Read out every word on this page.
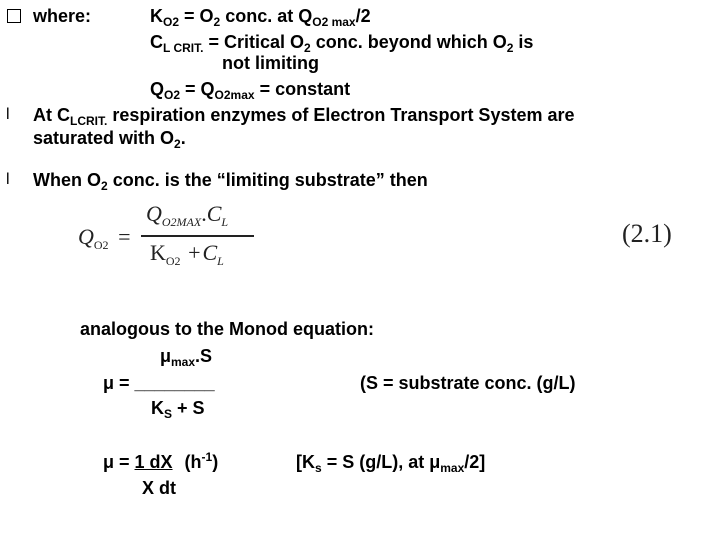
where:	$K_{O2} = O_2$ conc. at $Q_{O2 max}/2$
$C_{L CRIT.}$ = Critical $O_2$ conc. beyond which $O_2$ is
not limiting
$Q_{O2} = Q_{O2max}$ = constant
l At $C_{LCRIT.}$ respiration enzymes of Electron Transport System are
saturated with $O_2$.
l When $O_2$ conc. is the “limiting substrate” then
$Q_{O2}$ =
$Q_{O2MAX}.C_L$
$K_{O2} +C_L$
(2.1)
analogous to the Monod equation:
$\mu_{max}.S$
μ = ________	(S = substrate conc. (g/L)
$K_S + S$
μ = 1 dX $(h^{-1})$
X dt
[$K_s = S$ (g/L), at $\mu_{max}/2$]
